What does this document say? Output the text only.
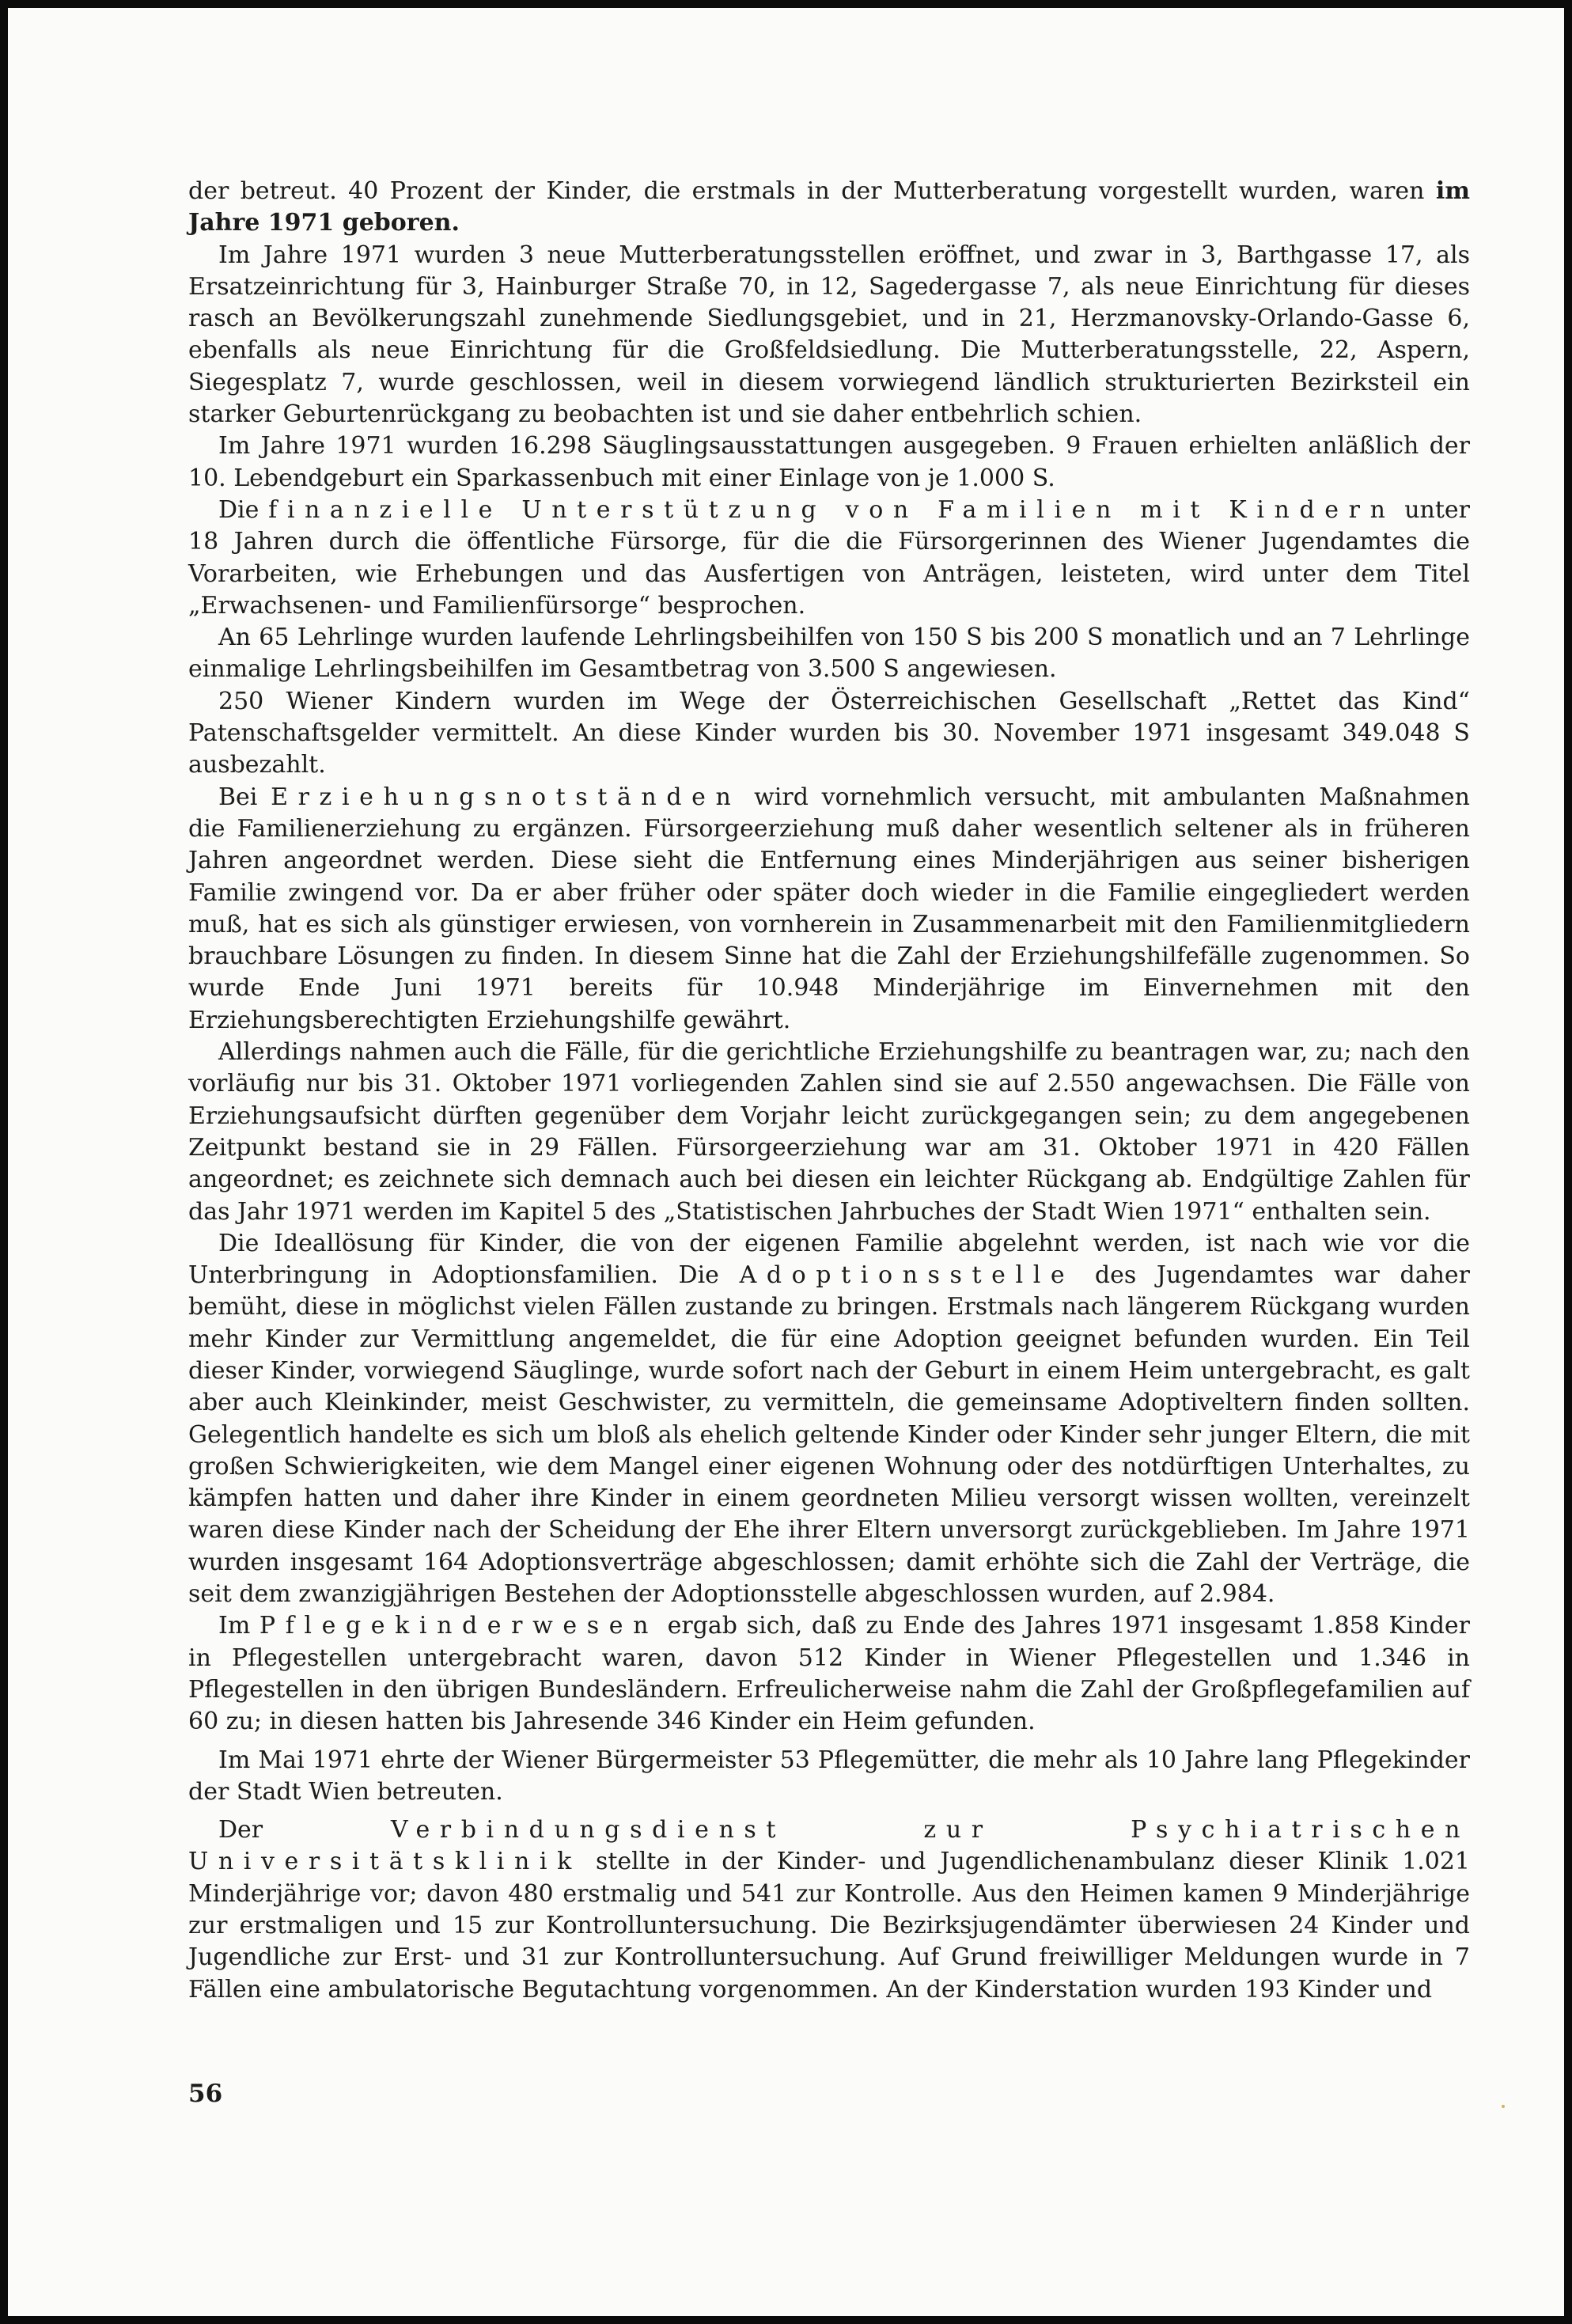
der betreut. 40 Prozent der Kinder, die erstmals in der Mutterberatung vorgestellt wurden, waren im Jahre 1971 geboren.

Im Jahre 1971 wurden 3 neue Mutterberatungsstellen eröffnet, und zwar in 3, Barthgasse 17, als Ersatzeinrichtung für 3, Hainburger Straße 70, in 12, Sagedergasse 7, als neue Einrichtung für dieses rasch an Bevölkerungszahl zunehmende Siedlungsgebiet, und in 21, Herzmanovsky-Orlando-Gasse 6, ebenfalls als neue Einrichtung für die Großfeldsiedlung. Die Mutterberatungsstelle, 22, Aspern, Siegesplatz 7, wurde geschlossen, weil in diesem vorwiegend ländlich strukturierten Bezirksteil ein starker Geburtenrückgang zu beobachten ist und sie daher entbehrlich schien.

Im Jahre 1971 wurden 16.298 Säuglingsausstattungen ausgegeben. 9 Frauen erhielten anläßlich der 10. Lebendgeburt ein Sparkassenbuch mit einer Einlage von je 1.000 S.

Die finanzielle Unterstützung von Familien mit Kindern unter 18 Jahren durch die öffentliche Fürsorge, für die die Fürsorgerinnen des Wiener Jugendamtes die Vorarbeiten, wie Erhebungen und das Ausfertigen von Anträgen, leisteten, wird unter dem Titel „Erwachsenen- und Familienfürsorge“ besprochen.

An 65 Lehrlinge wurden laufende Lehrlingsbeihilfen von 150 S bis 200 S monatlich und an 7 Lehrlinge einmalige Lehrlingsbeihilfen im Gesamtbetrag von 3.500 S angewiesen.

250 Wiener Kindern wurden im Wege der Österreichischen Gesellschaft „Rettet das Kind“ Patenschaftsgelder vermittelt. An diese Kinder wurden bis 30. November 1971 insgesamt 349.048 S ausbezahlt.

Bei Erziehungsnotständen wird vornehmlich versucht, mit ambulanten Maßnahmen die Familienerziehung zu ergänzen. Fürsorgeerziehung muß daher wesentlich seltener als in früheren Jahren angeordnet werden. Diese sieht die Entfernung eines Minderjährigen aus seiner bisherigen Familie zwingend vor. Da er aber früher oder später doch wieder in die Familie eingegliedert werden muß, hat es sich als günstiger erwiesen, von vornherein in Zusammenarbeit mit den Familienmitgliedern brauchbare Lösungen zu finden. In diesem Sinne hat die Zahl der Erziehungshilfefälle zugenommen. So wurde Ende Juni 1971 bereits für 10.948 Minderjährige im Einvernehmen mit den Erziehungsberechtigten Erziehungshilfe gewährt.

Allerdings nahmen auch die Fälle, für die gerichtliche Erziehungshilfe zu beantragen war, zu; nach den vorläufig nur bis 31. Oktober 1971 vorliegenden Zahlen sind sie auf 2.550 angewachsen. Die Fälle von Erziehungsaufsicht dürften gegenüber dem Vorjahr leicht zurückgegangen sein; zu dem angegebenen Zeitpunkt bestand sie in 29 Fällen. Fürsorgeerziehung war am 31. Oktober 1971 in 420 Fällen angeordnet; es zeichnete sich demnach auch bei diesen ein leichter Rückgang ab. Endgültige Zahlen für das Jahr 1971 werden im Kapitel 5 des „Statistischen Jahrbuches der Stadt Wien 1971“ enthalten sein.

Die Ideallösung für Kinder, die von der eigenen Familie abgelehnt werden, ist nach wie vor die Unterbringung in Adoptionsfamilien. Die Adoptionsstelle des Jugendamtes war daher bemüht, diese in möglichst vielen Fällen zustande zu bringen. Erstmals nach längerem Rückgang wurden mehr Kinder zur Vermittlung angemeldet, die für eine Adoption geeignet befunden wurden. Ein Teil dieser Kinder, vorwiegend Säuglinge, wurde sofort nach der Geburt in einem Heim untergebracht, es galt aber auch Kleinkinder, meist Geschwister, zu vermitteln, die gemeinsame Adoptiveltern finden sollten. Gelegentlich handelte es sich um bloß als ehelich geltende Kinder oder Kinder sehr junger Eltern, die mit großen Schwierigkeiten, wie dem Mangel einer eigenen Wohnung oder des notdürftigen Unterhaltes, zu kämpfen hatten und daher ihre Kinder in einem geordneten Milieu versorgt wissen wollten, vereinzelt waren diese Kinder nach der Scheidung der Ehe ihrer Eltern unversorgt zurückgeblieben. Im Jahre 1971 wurden insgesamt 164 Adoptionsverträge abgeschlossen; damit erhöhte sich die Zahl der Verträge, die seit dem zwanzigjährigen Bestehen der Adoptionsstelle abgeschlossen wurden, auf 2.984.

Im Pflegekinderwesen ergab sich, daß zu Ende des Jahres 1971 insgesamt 1.858 Kinder in Pflegestellen untergebracht waren, davon 512 Kinder in Wiener Pflegestellen und 1.346 in Pflegestellen in den übrigen Bundesländern. Erfreulicherweise nahm die Zahl der Großpflegefamilien auf 60 zu; in diesen hatten bis Jahresende 346 Kinder ein Heim gefunden.

Im Mai 1971 ehrte der Wiener Bürgermeister 53 Pflegemütter, die mehr als 10 Jahre lang Pflegekinder der Stadt Wien betreuten.

Der Verbindungsdienst zur Psychiatrischen Universitätsklinik stellte in der Kinder- und Jugendlichenambulanz dieser Klinik 1.021 Minderjährige vor; davon 480 erstmalig und 541 zur Kontrolle. Aus den Heimen kamen 9 Minderjährige zur erstmaligen und 15 zur Kontrolluntersuchung. Die Bezirksjugendämter überwiesen 24 Kinder und Jugendliche zur Erst- und 31 zur Kontrolluntersuchung. Auf Grund freiwilliger Meldungen wurde in 7 Fällen eine ambulatorische Begutachtung vorgenommen. An der Kinderstation wurden 193 Kinder und

56
